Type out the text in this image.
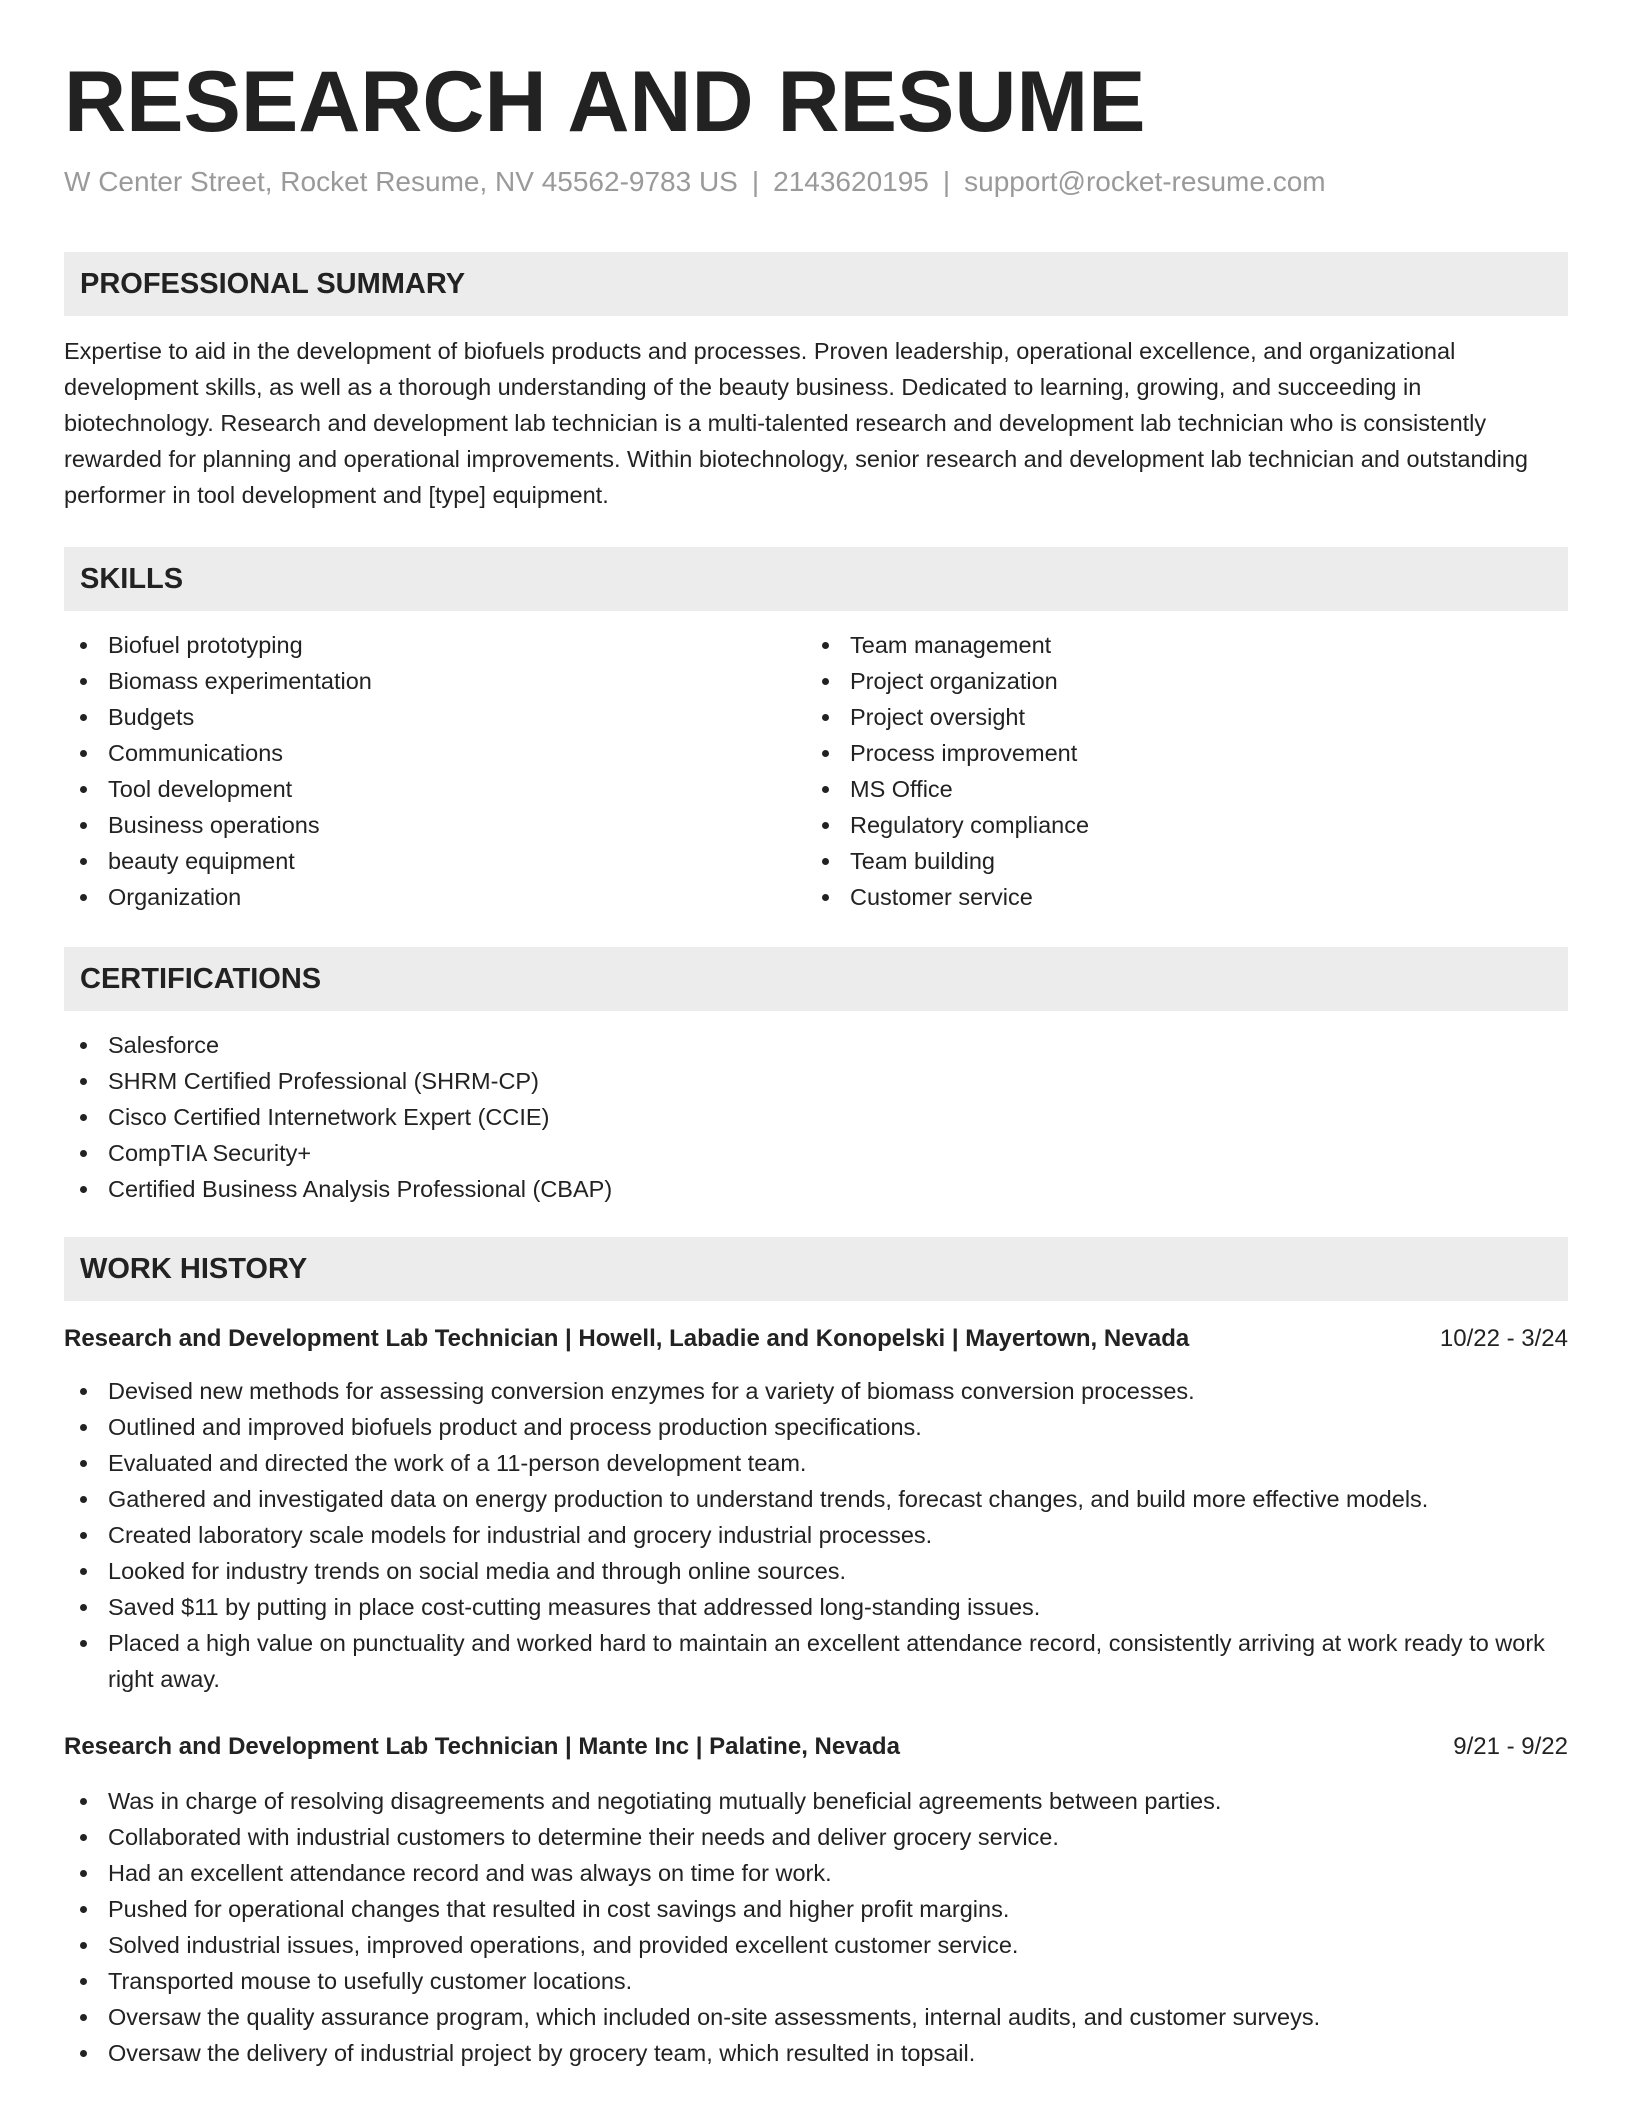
RESEARCH AND RESUME
W Center Street, Rocket Resume, NV 45562-9783 US | 2143620195 | support@rocket-resume.com
PROFESSIONAL SUMMARY

Expertise to aid in the development of biofuels products and processes. Proven leadership, operational excellence, and organizational development skills, as well as a thorough understanding of the beauty business. Dedicated to learning, growing, and succeeding in biotechnology. Research and development lab technician is a multi-talented research and development lab technician who is consistently rewarded for planning and operational improvements. Within biotechnology, senior research and development lab technician and outstanding performer in tool development and [type] equipment.

SKILLS
Biofuel prototyping
Biomass experimentation
Budgets
Communications
Tool development
Business operations
beauty equipment
Organization
Team management
Project organization
Project oversight
Process improvement
MS Office
Regulatory compliance
Team building
Customer service
CERTIFICATIONS
Salesforce
SHRM Certified Professional (SHRM-CP)
Cisco Certified Internetwork Expert (CCIE)
CompTIA Security+
Certified Business Analysis Professional (CBAP)
WORK HISTORY
Research and Development Lab Technician | Howell, Labadie and Konopelski | Mayertown, Nevada	10/22 - 3/24
Devised new methods for assessing conversion enzymes for a variety of biomass conversion processes.
Outlined and improved biofuels product and process production specifications.
Evaluated and directed the work of a 11-person development team.
Gathered and investigated data on energy production to understand trends, forecast changes, and build more effective models.
Created laboratory scale models for industrial and grocery industrial processes.
Looked for industry trends on social media and through online sources.
Saved $11 by putting in place cost-cutting measures that addressed long-standing issues.
Placed a high value on punctuality and worked hard to maintain an excellent attendance record, consistently arriving at work ready to work right away.
Research and Development Lab Technician | Mante Inc | Palatine, Nevada	9/21 - 9/22
Was in charge of resolving disagreements and negotiating mutually beneficial agreements between parties.
Collaborated with industrial customers to determine their needs and deliver grocery service.
Had an excellent attendance record and was always on time for work.
Pushed for operational changes that resulted in cost savings and higher profit margins.
Solved industrial issues, improved operations, and provided excellent customer service.
Transported mouse to usefully customer locations.
Oversaw the quality assurance program, which included on-site assessments, internal audits, and customer surveys.
Oversaw the delivery of industrial project by grocery team, which resulted in topsail.
